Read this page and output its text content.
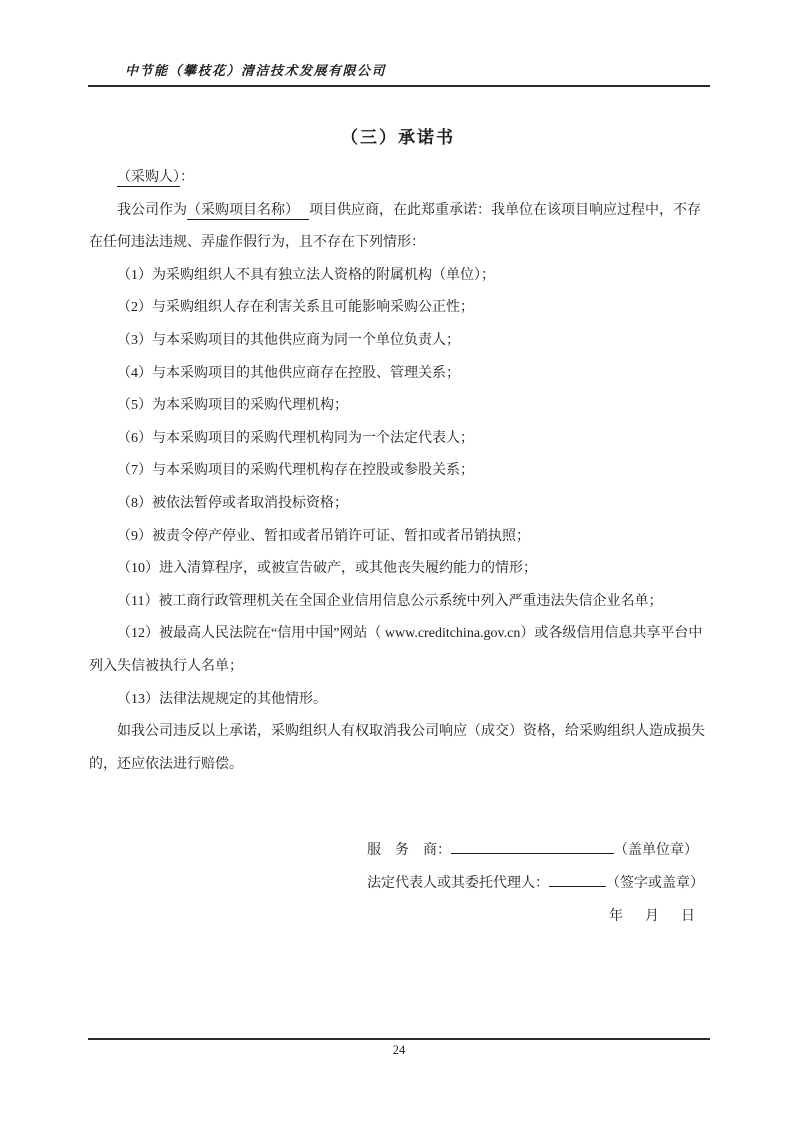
中节能（攀枝花）清洁技术发展有限公司
（三）承诺书

（采购人）：

我公司作为（采购项目名称） 项目供应商，在此郑重承诺：我单位在该项目响应过程中，不存在任何违法违规、弄虚作假行为，且不存在下列情形：

（1）为采购组织人不具有独立法人资格的附属机构（单位）；

（2）与采购组织人存在利害关系且可能影响采购公正性；

（3）与本采购项目的其他供应商为同一个单位负责人；

（4）与本采购项目的其他供应商存在控股、管理关系；

（5）为本采购项目的采购代理机构；

（6）与本采购项目的采购代理机构同为一个法定代表人；

（7）与本采购项目的采购代理机构存在控股或参股关系；

（8）被依法暂停或者取消投标资格；

（9）被责令停产停业、暂扣或者吊销许可证、暂扣或者吊销执照；

（10）进入清算程序，或被宣告破产，或其他丧失履约能力的情形；

（11）被工商行政管理机关在全国企业信用信息公示系统中列入严重违法失信企业名单；

（12）被最高人民法院在“信用中国”网站（ www.creditchina.gov.cn）或各级信用信息共享平台中列入失信被执行人名单；

（13）法律法规规定的其他情形。

如我公司违反以上承诺，采购组织人有权取消我公司响应（成交）资格，给采购组织人造成损失的，还应依法进行赔偿。

服　务　商：	（盖单位章）

法定代表人或其委托代理人：	（签字或盖章）

年　月　日

24
